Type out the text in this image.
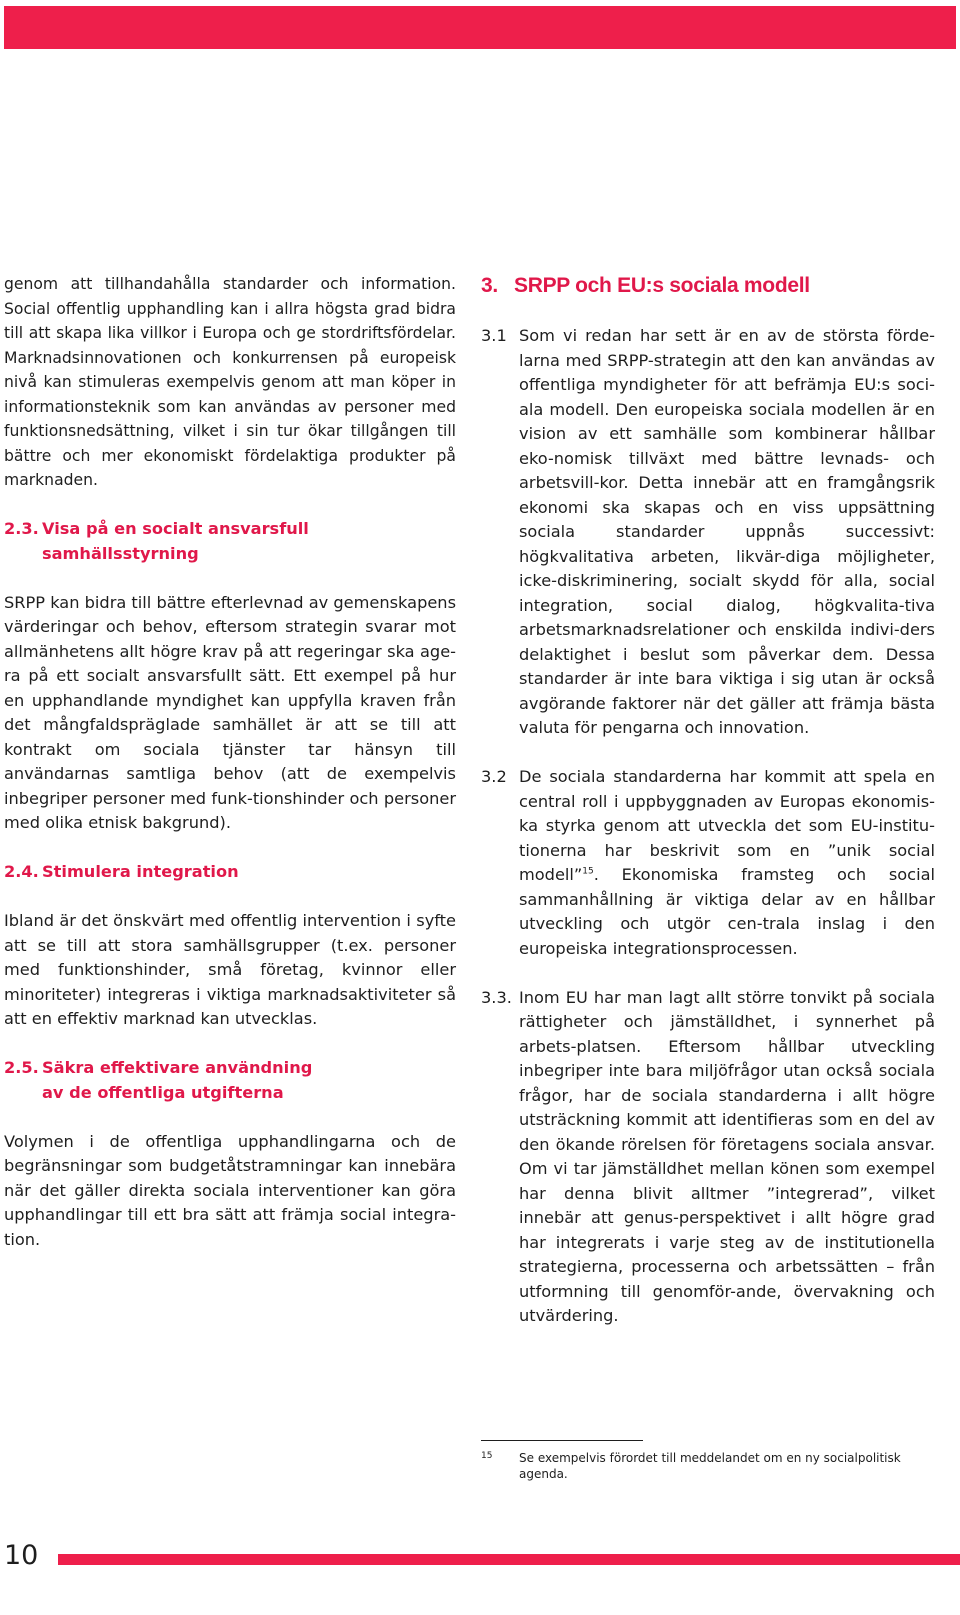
genom att tillhandahålla standarder och information. Social offentlig upphandling kan i allra högsta grad bidra till att skapa lika villkor i Europa och ge stordriftsfördelar. Marknadsinnovationen och konkurrensen på europeisk nivå kan stimuleras exempelvis genom att man köper in informationsteknik som kan användas av personer med funktionsnedsättning, vilket i sin tur ökar tillgången till bättre och mer ekonomiskt fördelaktiga produkter på marknaden.

2.3. Visa på en socialt ansvarsfull samhällsstyrning

SRPP kan bidra till bättre efterlevnad av gemenskapens värderingar och behov, eftersom strategin svarar mot allmänhetens allt högre krav på att regeringar ska age-ra på ett socialt ansvarsfullt sätt. Ett exempel på hur en upphandlande myndighet kan uppfylla kraven från det mångfaldspräglade samhället är att se till att kontrakt om sociala tjänster tar hänsyn till användarnas samtliga behov (att de exempelvis inbegriper personer med funk-tionshinder och personer med olika etnisk bakgrund).

2.4. Stimulera integration

Ibland är det önskvärt med offentlig intervention i syfte att se till att stora samhällsgrupper (t.ex. personer med funktionshinder, små företag, kvinnor eller minoriteter) integreras i viktiga marknadsaktiviteter så att en effektiv marknad kan utvecklas.

2.5. Säkra effektivare användning
av de offentliga utgifterna

Volymen i de offentliga upphandlingarna och de begränsningar som budgetåtstramningar kan innebära när det gäller direkta sociala interventioner kan göra upphandlingar till ett bra sätt att främja social integra-tion.

3. SRPP och EU:s sociala modell
3.1 Som vi redan har sett är en av de största förde-larna med SRPP-strategin att den kan användas av offentliga myndigheter för att befrämja EU:s soci-ala modell. Den europeiska sociala modellen är en vision av ett samhälle som kombinerar hållbar eko-nomisk tillväxt med bättre levnads- och arbetsvill-kor. Detta innebär att en framgångsrik ekonomi ska skapas och en viss uppsättning sociala standarder uppnås successivt: högkvalitativa arbeten, likvär-diga möjligheter, icke-diskriminering, socialt skydd för alla, social integration, social dialog, högkvalita-tiva arbetsmarknadsrelationer och enskilda indivi-ders delaktighet i beslut som påverkar dem. Dessa standarder är inte bara viktiga i sig utan är också avgörande faktorer när det gäller att främja bästa valuta för pengarna och innovation.

3.2 De sociala standarderna har kommit att spela en central roll i uppbyggnaden av Europas ekonomis-ka styrka genom att utveckla det som EU-institu-tionerna har beskrivit som en ”unik social modell”$^{15}$. Ekonomiska framsteg och social sammanhållning är viktiga delar av en hållbar utveckling och utgör cen-trala inslag i den europeiska integrationsprocessen.

3.3. Inom EU har man lagt allt större tonvikt på sociala rättigheter och jämställdhet, i synnerhet på arbets-platsen. Eftersom hållbar utveckling inbegriper inte bara miljöfrågor utan också sociala frågor, har de sociala standarderna i allt högre utsträckning kommit att identifieras som en del av den ökande rörelsen för företagens sociala ansvar. Om vi tar jämställdhet mellan könen som exempel har denna blivit alltmer ”integrerad”, vilket innebär att genus-perspektivet i allt högre grad har integrerats i varje steg av de institutionella strategierna, processerna och arbetssätten – från utformning till genomför-ande, övervakning och utvärdering.

15	Se exempelvis förordet till meddelandet om en ny socialpolitisk agenda.
10
